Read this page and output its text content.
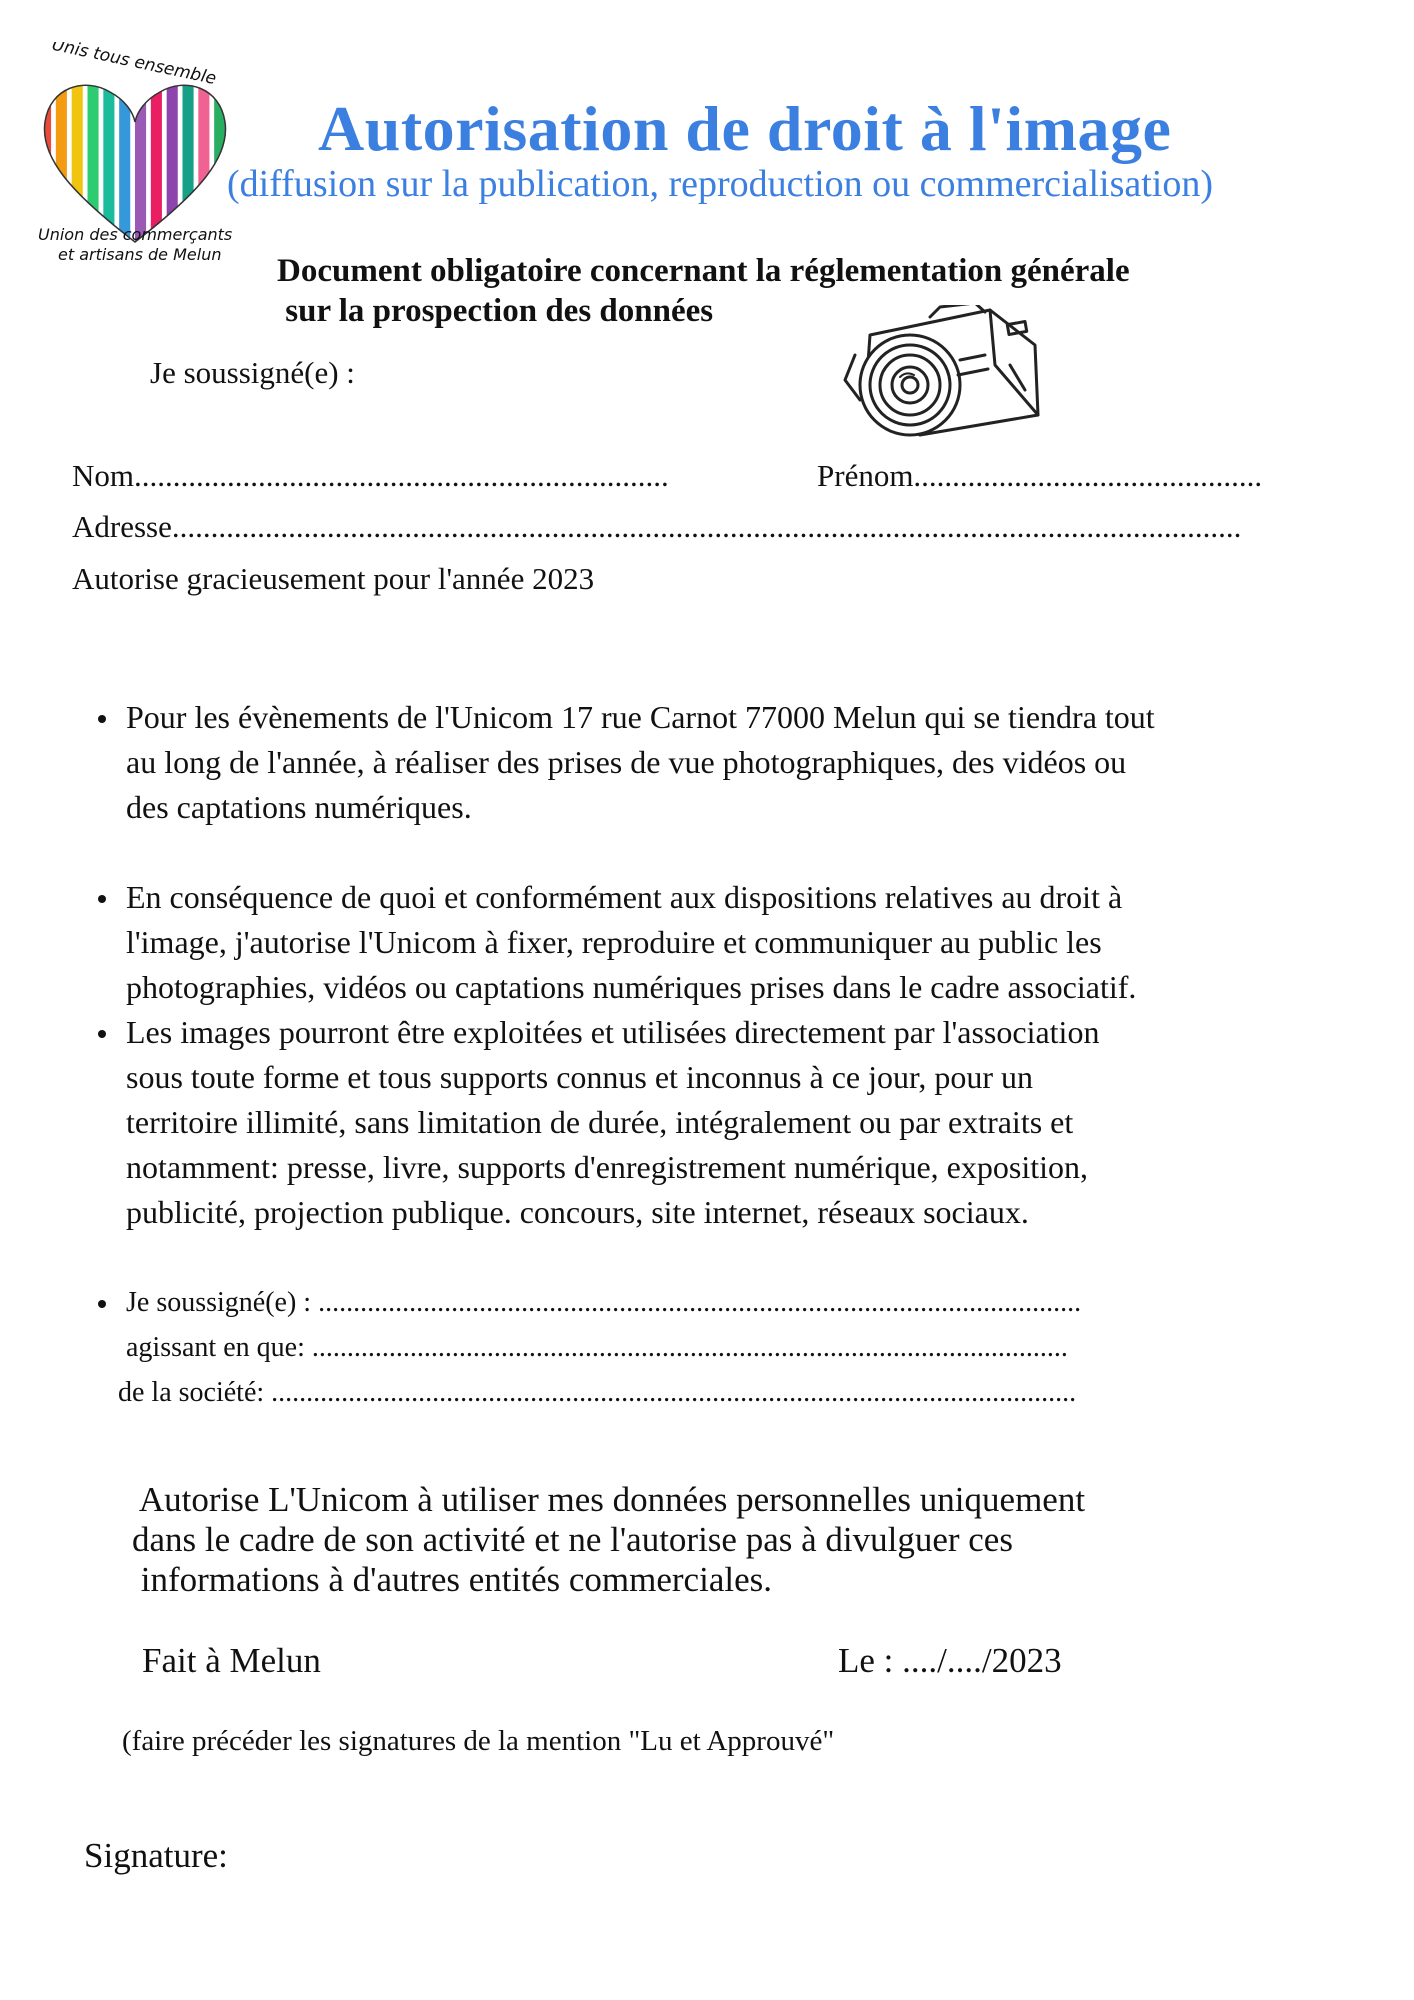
Unis tous ensemble
Union des commerçants
et artisans de Melun
Autorisation de droit à l'image
(diffusion sur la publication, reproduction ou commercialisation)
Document obligatoire concernant la réglementation générale
sur la prospection des données
Je soussigné(e) :
Nom.....................................................................	Prénom.............................................
Adresse..........................................................................................................................................
Autorise gracieusement pour l'année 2023
Pour les évènements de l'Unicom 17 rue Carnot 77000 Melun qui se tiendra tout
au long de l'année, à réaliser des prises de vue photographiques, des vidéos ou
des captations numériques.
En conséquence de quoi et conformément aux dispositions relatives au droit à
l'image, j'autorise l'Unicom à fixer, reproduire et communiquer au public les
photographies, vidéos ou captations numériques prises dans le cadre associatif.
Les images pourront être exploitées et utilisées directement par l'association
sous toute forme et tous supports connus et inconnus à ce jour, pour un
territoire illimité, sans limitation de durée, intégralement ou par extraits et
notamment: presse, livre, supports d'enregistrement numérique, exposition,
publicité, projection publique. concours, site internet, réseaux sociaux.
Je soussigné(e) : .............................................................................................................
agissant en que: ............................................................................................................
de la société: ...................................................................................................................
Autorise L'Unicom à utiliser mes données personnelles uniquement
dans le cadre de son activité et ne l'autorise pas à divulguer ces
informations à d'autres entités commerciales.
Fait à Melun	Le : ..../..../2023
(faire précéder les signatures de la mention "Lu et Approuvé"
Signature:
